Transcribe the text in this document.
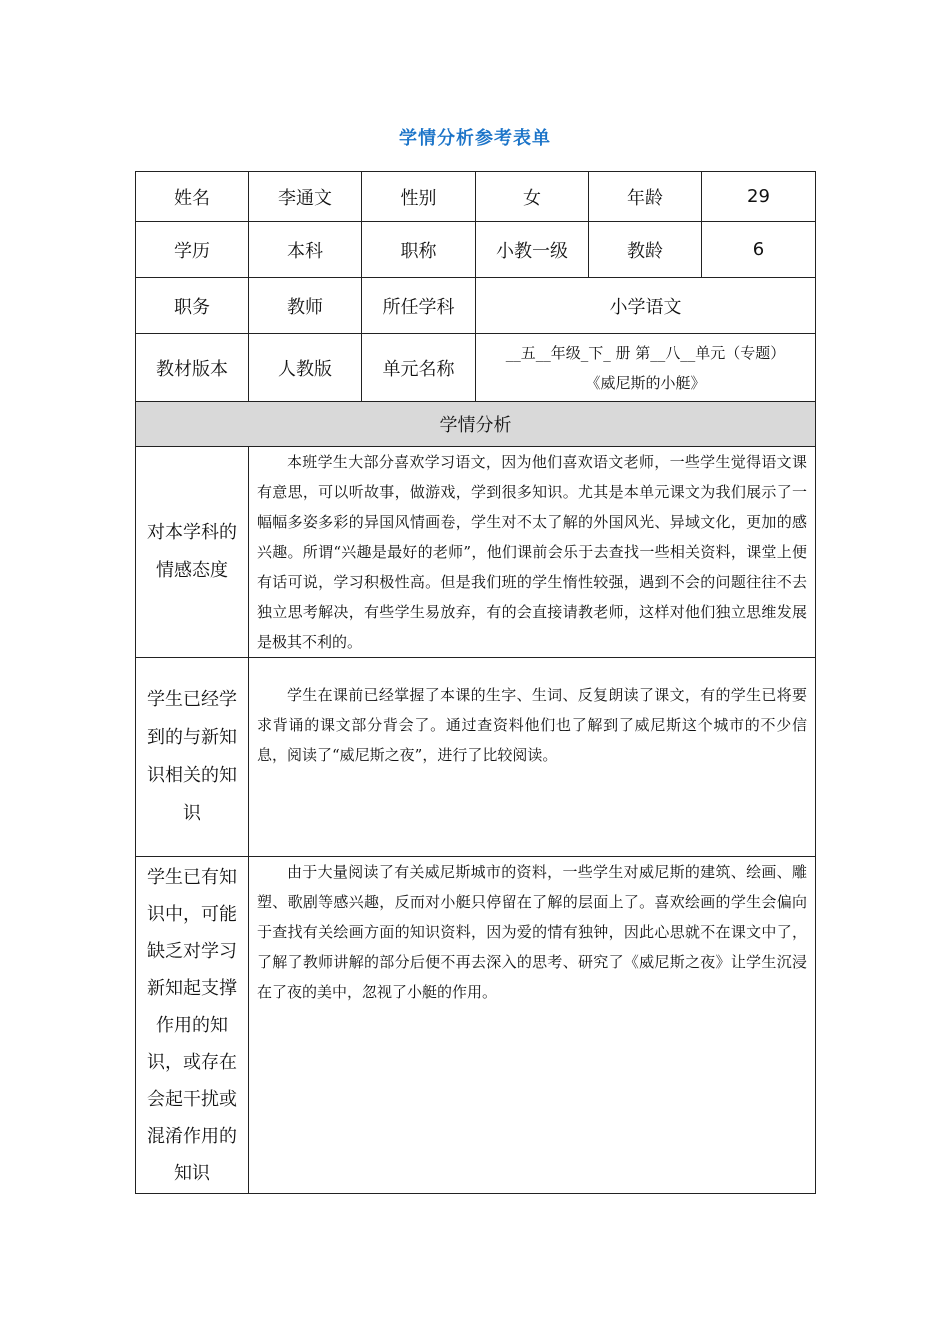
学情分析参考表单
姓名	李通文	性别	女	年龄	29
学历	本科	职称	小教一级	教龄	6
职务	教师	所任学科	小学语文		
教材版本	人教版	单元名称	__五__年级_下_ 册 第__八__单元（专题）
《威尼斯的小艇》		

学情分析					
对本学科的情感态度	本班学生大部分喜欢学习语文，因为他们喜欢语文老师，一些学生觉得语文课有意思，可以听故事，做游戏，学到很多知识。尤其是本单元课文为我们展示了一幅幅多姿多彩的异国风情画卷，学生对不太了解的外国风光、异域文化，更加的感兴趣。所谓“兴趣是最好的老师”，他们课前会乐于去查找一些相关资料，课堂上便有话可说，学习积极性高。但是我们班的学生惰性较强，遇到不会的问题往往不去独立思考解决，有些学生易放弃，有的会直接请教老师，这样对他们独立思维发展是极其不利的。				

学生已经学到的与新知识相关的知识	学生在课前已经掌握了本课的生字、生词、反复朗读了课文，有的学生已将要求背诵的课文部分背会了。通过查资料他们也了解到了威尼斯这个城市的不少信息，阅读了“威尼斯之夜”，进行了比较阅读。				

学生已有知识中，可能缺乏对学习新知起支撑作用的知识，或存在会起干扰或混淆作用的知识	由于大量阅读了有关威尼斯城市的资料，一些学生对威尼斯的建筑、绘画、雕塑、歌剧等感兴趣，反而对小艇只停留在了解的层面上了。喜欢绘画的学生会偏向于查找有关绘画方面的知识资料，因为爱的情有独钟，因此心思就不在课文中了，了解了教师讲解的部分后便不再去深入的思考、研究了《威尼斯之夜》让学生沉浸在了夜的美中，忽视了小艇的作用。				
